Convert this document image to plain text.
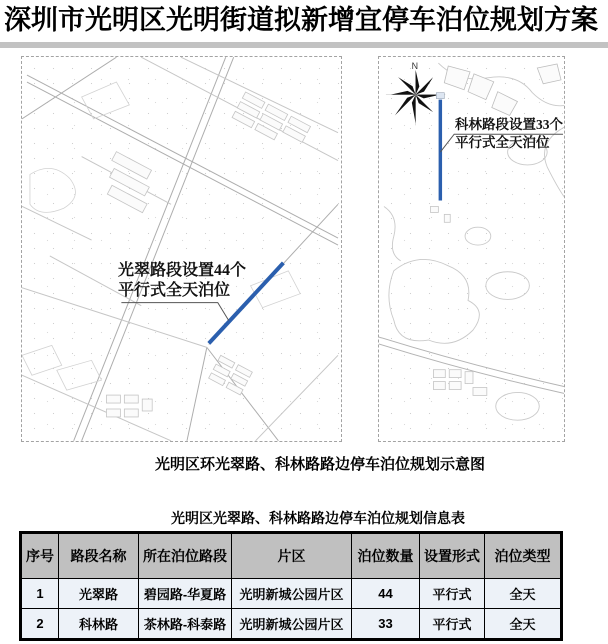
深圳市光明区光明街道拟新增宜停车泊位规划方案
光翠路段设置44个
平行式全天泊位
N
科林路段设置33个
平行式全天泊位
光明区环光翠路、科林路路边停车泊位规划示意图
光明区光翠路、科林路路边停车泊位规划信息表
序号	路段名称	所在泊位路段	片区	泊位数量	设置形式	泊位类型
1	光翠路	碧园路-华夏路	光明新城公园片区	44	平行式	全天
2	科林路	茶林路-科泰路	光明新城公园片区	33	平行式	全天
